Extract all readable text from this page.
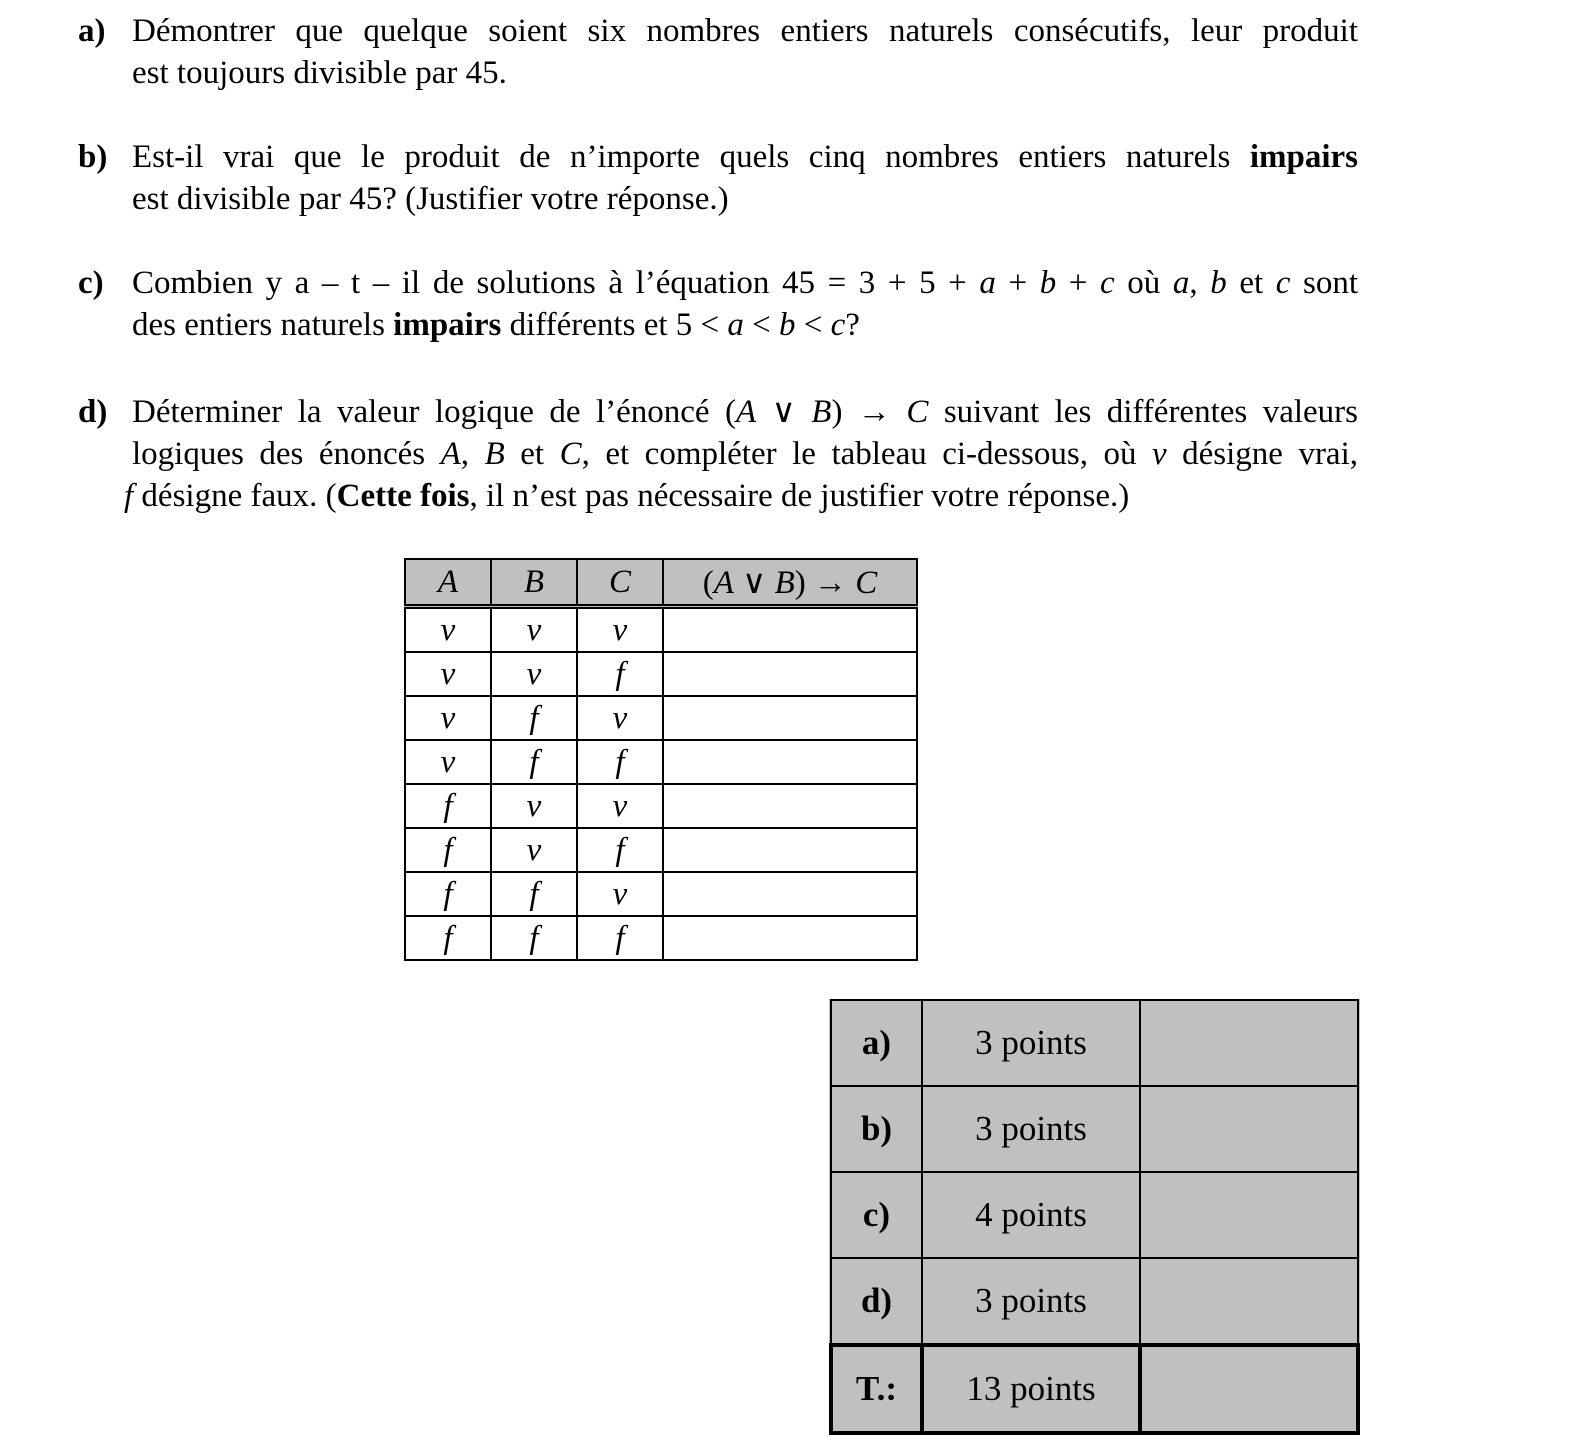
a) Démontrer que quelque soient six nombres entiers naturels consécutifs, leur produit
est toujours divisible par 45.
b) Est-il vrai que le produit de n’importe quels cinq nombres entiers naturels impairs
est divisible par 45? (Justifier votre réponse.)
c) Combien y a – t – il de solutions à l’équation 45 = 3 + 5 + a + b + c où a, b et c sont
des entiers naturels impairs différents et 5 < a < b < c?
d) Déterminer la valeur logique de l’énoncé (A ∨ B) → C suivant les différentes valeurs
logiques des énoncés A, B et C, et compléter le tableau ci-dessous, où v désigne vrai,
f désigne faux. (Cette fois, il n’est pas nécessaire de justifier votre réponse.)
A	B	C	(A ∨ B) → C
v	v	v	
v	v	f	
v	f	v	
v	f	f	
f	v	v	
f	v	f	
f	f	v	
f	f	f	
a)	3 points	
b)	3 points	
c)	4 points	
d)	3 points	
T.:	13 points	
